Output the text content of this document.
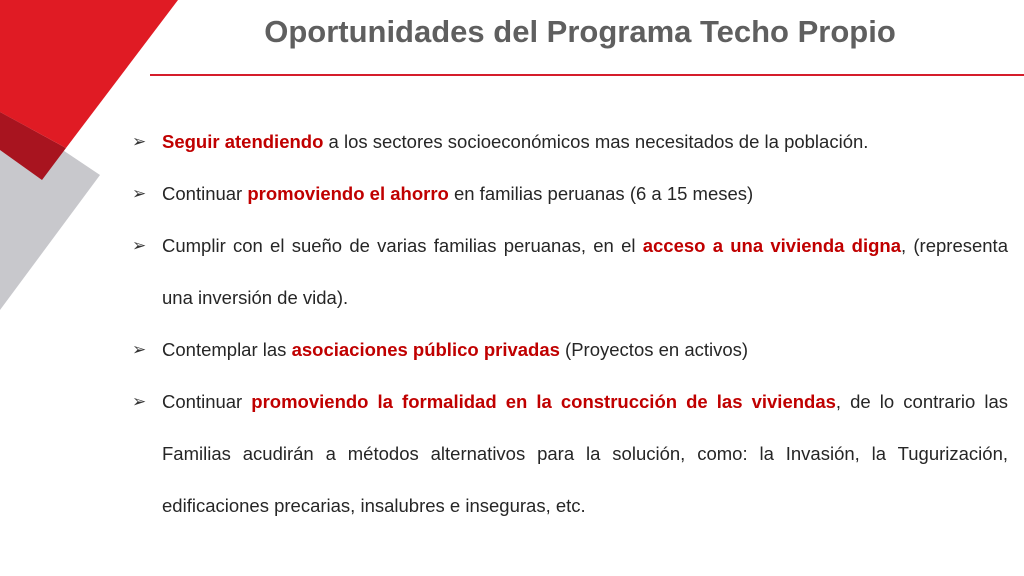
Oportunidades del Programa Techo Propio
➢ Seguir atendiendo a los sectores socioeconómicos mas necesitados de la población.
➢ Continuar promoviendo el ahorro en familias peruanas (6 a 15 meses)
➢ Cumplir con el sueño de varias familias peruanas, en el acceso a una vivienda digna, (representa una inversión de vida).
➢ Contemplar las asociaciones público privadas (Proyectos en activos)
➢ Continuar promoviendo la formalidad en la construcción de las viviendas, de lo contrario las Familias acudirán a métodos alternativos para la solución, como: la Invasión, la Tugurización, edificaciones precarias, insalubres e inseguras, etc.
